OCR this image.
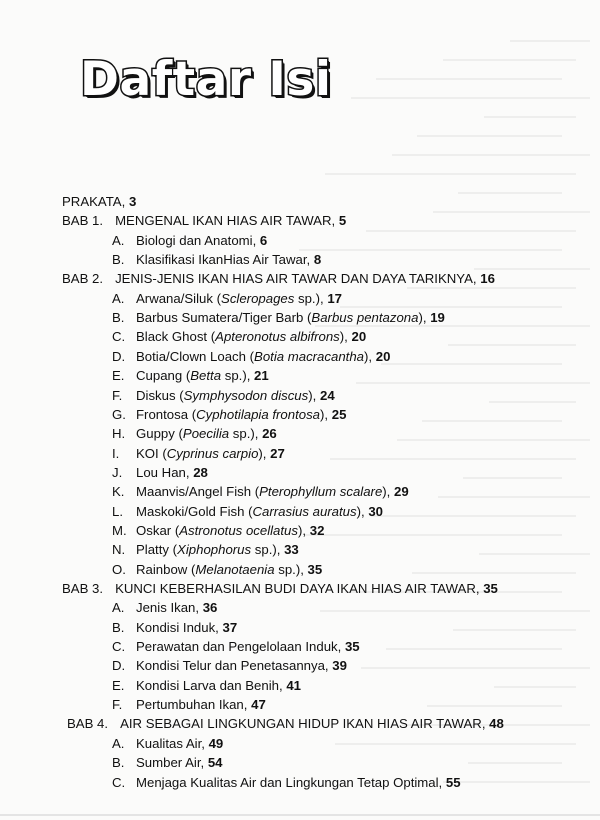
Daftar Isi
PRAKATA, 3
BAB 1. MENGENAL IKAN HIAS AIR TAWAR, 5
A. Biologi dan Anatomi, 6
B. Klasifikasi IkanHias Air Tawar, 8
BAB 2. JENIS-JENIS IKAN HIAS AIR TAWAR DAN DAYA TARIKNYA, 16
A. Arwana/Siluk (Scleropages sp.), 17
B. Barbus Sumatera/Tiger Barb (Barbus pentazona), 19
C. Black Ghost (Apteronotus albifrons), 20
D. Botia/Clown Loach (Botia macracantha), 20
E. Cupang (Betta sp.), 21
F. Diskus (Symphysodon discus), 24
G. Frontosa (Cyphotilapia frontosa), 25
H. Guppy (Poecilia sp.), 26
I. KOI (Cyprinus carpio), 27
J. Lou Han, 28
K. Maanvis/Angel Fish (Pterophyllum scalare), 29
L. Maskoki/Gold Fish (Carrasius auratus), 30
M. Oskar (Astronotus ocellatus), 32
N. Platty (Xiphophorus sp.), 33
O. Rainbow (Melanotaenia sp.), 35
BAB 3. KUNCI KEBERHASILAN BUDI DAYA IKAN HIAS AIR TAWAR, 35
A. Jenis Ikan, 36
B. Kondisi Induk, 37
C. Perawatan dan Pengelolaan Induk, 35
D. Kondisi Telur dan Penetasannya, 39
E. Kondisi Larva dan Benih, 41
F. Pertumbuhan Ikan, 47
BAB 4. AIR SEBAGAI LINGKUNGAN HIDUP IKAN HIAS AIR TAWAR, 48
A. Kualitas Air, 49
B. Sumber Air, 54
C. Menjaga Kualitas Air dan Lingkungan Tetap Optimal, 55
